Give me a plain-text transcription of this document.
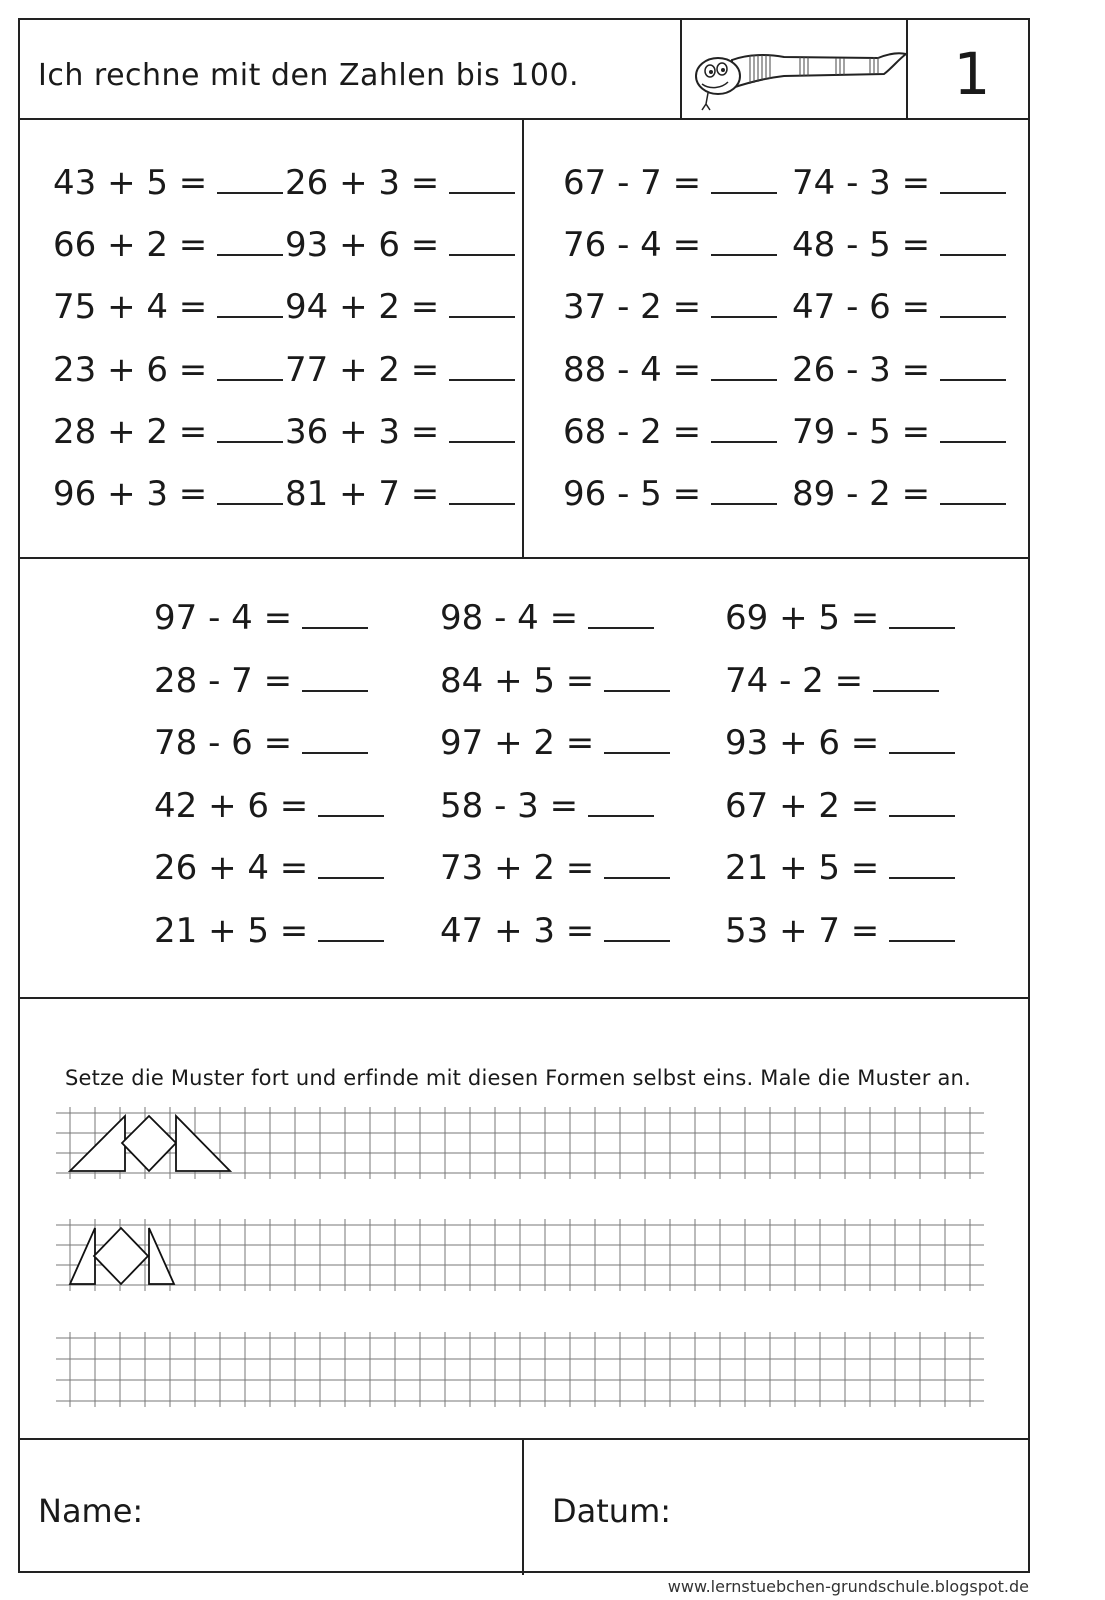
Ich rechne mit den Zahlen bis 100.	1
43 + 5 =
66 + 2 =
75 + 4 =
23 + 6 =
28 + 2 =
96 + 3 =
26 + 3 =
93 + 6 =
94 + 2 =
77 + 2 =
36 + 3 =
81 + 7 =
67 - 7 =
76 - 4 =
37 - 2 =
88 - 4 =
68 - 2 =
96 - 5 =
74 - 3 =
48 - 5 =
47 - 6 =
26 - 3 =
79 - 5 =
89 - 2 =
97 - 4 =
28 - 7 =
78 - 6 =
42 + 6 =
26 + 4 =
21 + 5 =
98 - 4 =
84 + 5 =
97 + 2 =
58 - 3 =
73 + 2 =
47 + 3 =
69 + 5 =
74 - 2 =
93 + 6 =
67 + 2 =
21 + 5 =
53 + 7 =
Setze die Muster fort und erfinde mit diesen Formen selbst eins. Male die Muster an.
Name:	Datum:
www.lernstuebchen-grundschule.blogspot.de
